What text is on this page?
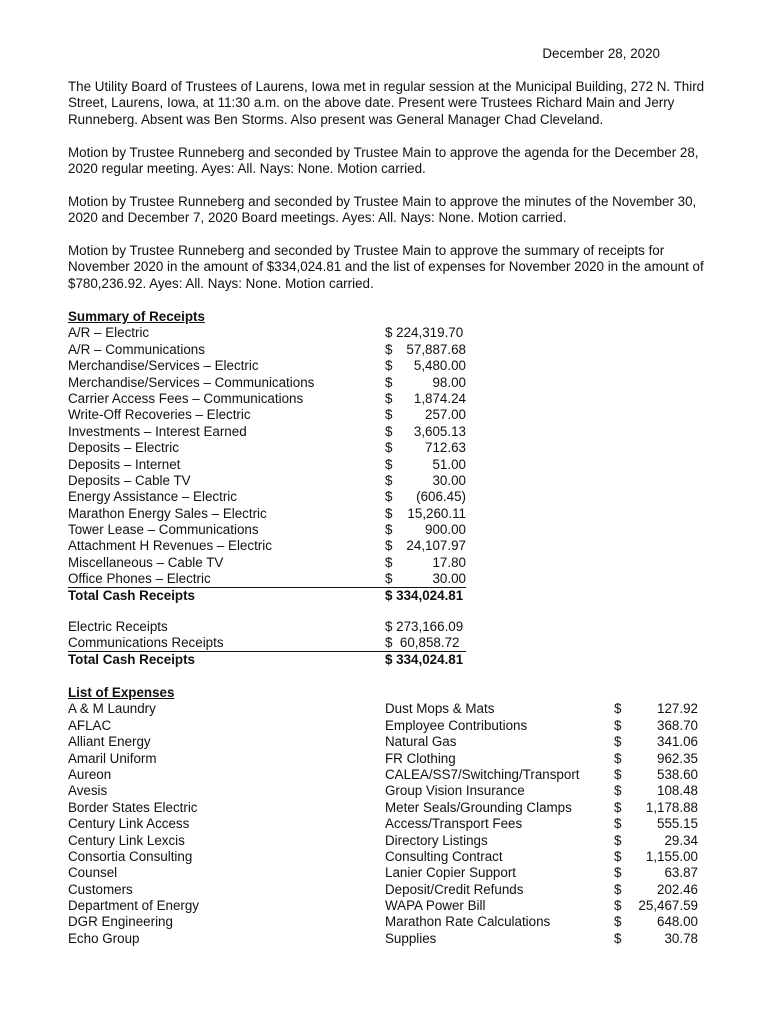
December 28, 2020

The Utility Board of Trustees of Laurens, Iowa met in regular session at the Municipal Building, 272 N. Third Street, Laurens, Iowa, at 11:30 a.m. on the above date. Present were Trustees Richard Main and Jerry Runneberg. Absent was Ben Storms. Also present was General Manager Chad Cleveland.

Motion by Trustee Runneberg and seconded by Trustee Main to approve the agenda for the December 28, 2020 regular meeting. Ayes: All. Nays: None. Motion carried.

Motion by Trustee Runneberg and seconded by Trustee Main to approve the minutes of the November 30, 2020 and December 7, 2020 Board meetings. Ayes: All. Nays: None. Motion carried.

Motion by Trustee Runneberg and seconded by Trustee Main to approve the summary of receipts for November 2020 in the amount of $334,024.81 and the list of expenses for November 2020 in the amount of $780,236.92. Ayes: All. Nays: None. Motion carried.

Summary of Receipts
A/R – Electric	$ 224,319.70
A/R – Communications	$	57,887.68
Merchandise/Services – Electric	$	5,480.00
Merchandise/Services – Communications	$	98.00
Carrier Access Fees – Communications	$	1,874.24
Write-Off Recoveries – Electric	$	257.00
Investments – Interest Earned	$	3,605.13
Deposits – Electric	$	712.63
Deposits – Internet	$	51.00
Deposits – Cable TV	$	30.00
Energy Assistance – Electric	$	(606.45)
Marathon Energy Sales – Electric	$	15,260.11
Tower Lease – Communications	$	900.00
Attachment H Revenues – Electric	$	24,107.97
Miscellaneous – Cable TV	$	17.80
Office Phones – Electric	$	30.00
Total Cash Receipts	$ 334,024.81
Electric Receipts	$ 273,166.09
Communications Receipts	$  60,858.72
Total Cash Receipts	$ 334,024.81
List of Expenses
A & M Laundry	Dust Mops & Mats	$	127.92
AFLAC	Employee Contributions	$	368.70
Alliant Energy	Natural Gas	$	341.06
Amaril Uniform	FR Clothing	$	962.35
Aureon	CALEA/SS7/Switching/Transport	$	538.60
Avesis	Group Vision Insurance	$	108.48
Border States Electric	Meter Seals/Grounding Clamps	$	1,178.88
Century Link Access	Access/Transport Fees	$	555.15
Century Link Lexcis	Directory Listings	$	29.34
Consortia Consulting	Consulting Contract	$	1,155.00
Counsel	Lanier Copier Support	$	63.87
Customers	Deposit/Credit Refunds	$	202.46
Department of Energy	WAPA Power Bill	$	25,467.59
DGR Engineering	Marathon Rate Calculations	$	648.00
Echo Group	Supplies	$	30.78
